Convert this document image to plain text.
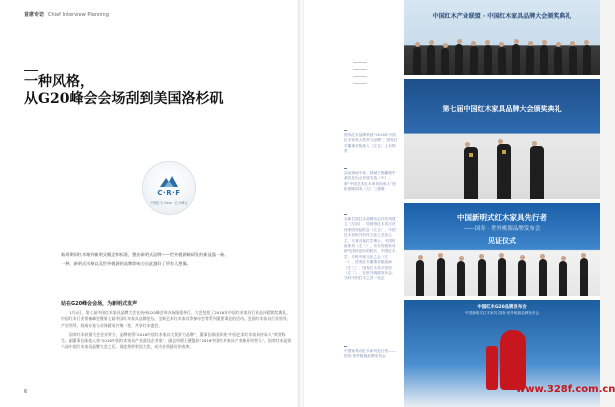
首席专访 Chief Interview Planning
一种风格，
从G20峰会会场刮到美国洛杉矶
C·R·F
中国红木·Case · 红木峰会

新周期同红木嫁到新明式概念和标准，整出新明式品牌——世外桃源赖研发的新显露一新。

一种，新明式风格以及世外桃源的品牌影响力自此越好了所有人想像。

站在G20峰会会场，为新明式发声

1月4日，第七届中国红木家具品牌大会在杭州G20峰会举办场隆重举行，大会包括了2016年中国红木家具行业品评精销奖典礼、中国红木行业领袖峰会暨第七届中国红木家具品牌论坛、全新艺术红木家具等参申会等系列重要事宜的活动。会国红木家具行业领导、产官领导、权威专家与业界精英共聚一堂，共享红木盛会。

国寿红木获颁大会企业荣力，品牌获得“2016中国红木家具大奖杯力品牌”，董事长陈国寿获“中国艺术红木家具传承人”荣誉称号，副董事长陈选入获“2016中国红木家具产业最佳企业家”，副总经理王健俊获“2016中国红木家具产业新业经营人”。国寿红木是第六届中国红木家具品牌大会之后，再度将荣荣回大奖，成为业领最好的表率。

6
国寿红木品牌荣获“2016年中国红木家具大奖杯力品牌”，国寿红木董事长陈选入（左五）上台领奖
活动现场专家、领域王推翻奥乎某首先出会首席当选（中）、第“中国艺术红木家具传承人”授衔者陈国寿（左）三康缴
全新打造红木品牌出会在杭州建立（左四）、同国寿红木首次首经家园亮起的金（左五）、中国红木首衔外后传文化公艺化心主、专者各某位学博士、中国传统家具（左二）、东方传统家具研究团体创办的院长、中国红木学、专程中研文化之会（左一）、国寿红木董事长陈选和（左三）、国寿红木首次首经（左二）、在世外桃源发布会、当时中国红木之首一见证
中国家具词红木家具先行者——国寿·世外桃源品牌发布会
中国红木产业联盟 · 中国红木家具品牌大会颁奖典礼
第七届中国红木家具品牌大会颁奖典礼
中国新明式红木家具先行者
——国寿 · 世外桃源品牌发布会
见证仪式
中国红木G20品牌发布会
中国新明式红木家具 国寿·世外桃源品牌发布会
www.328f.com.cn
